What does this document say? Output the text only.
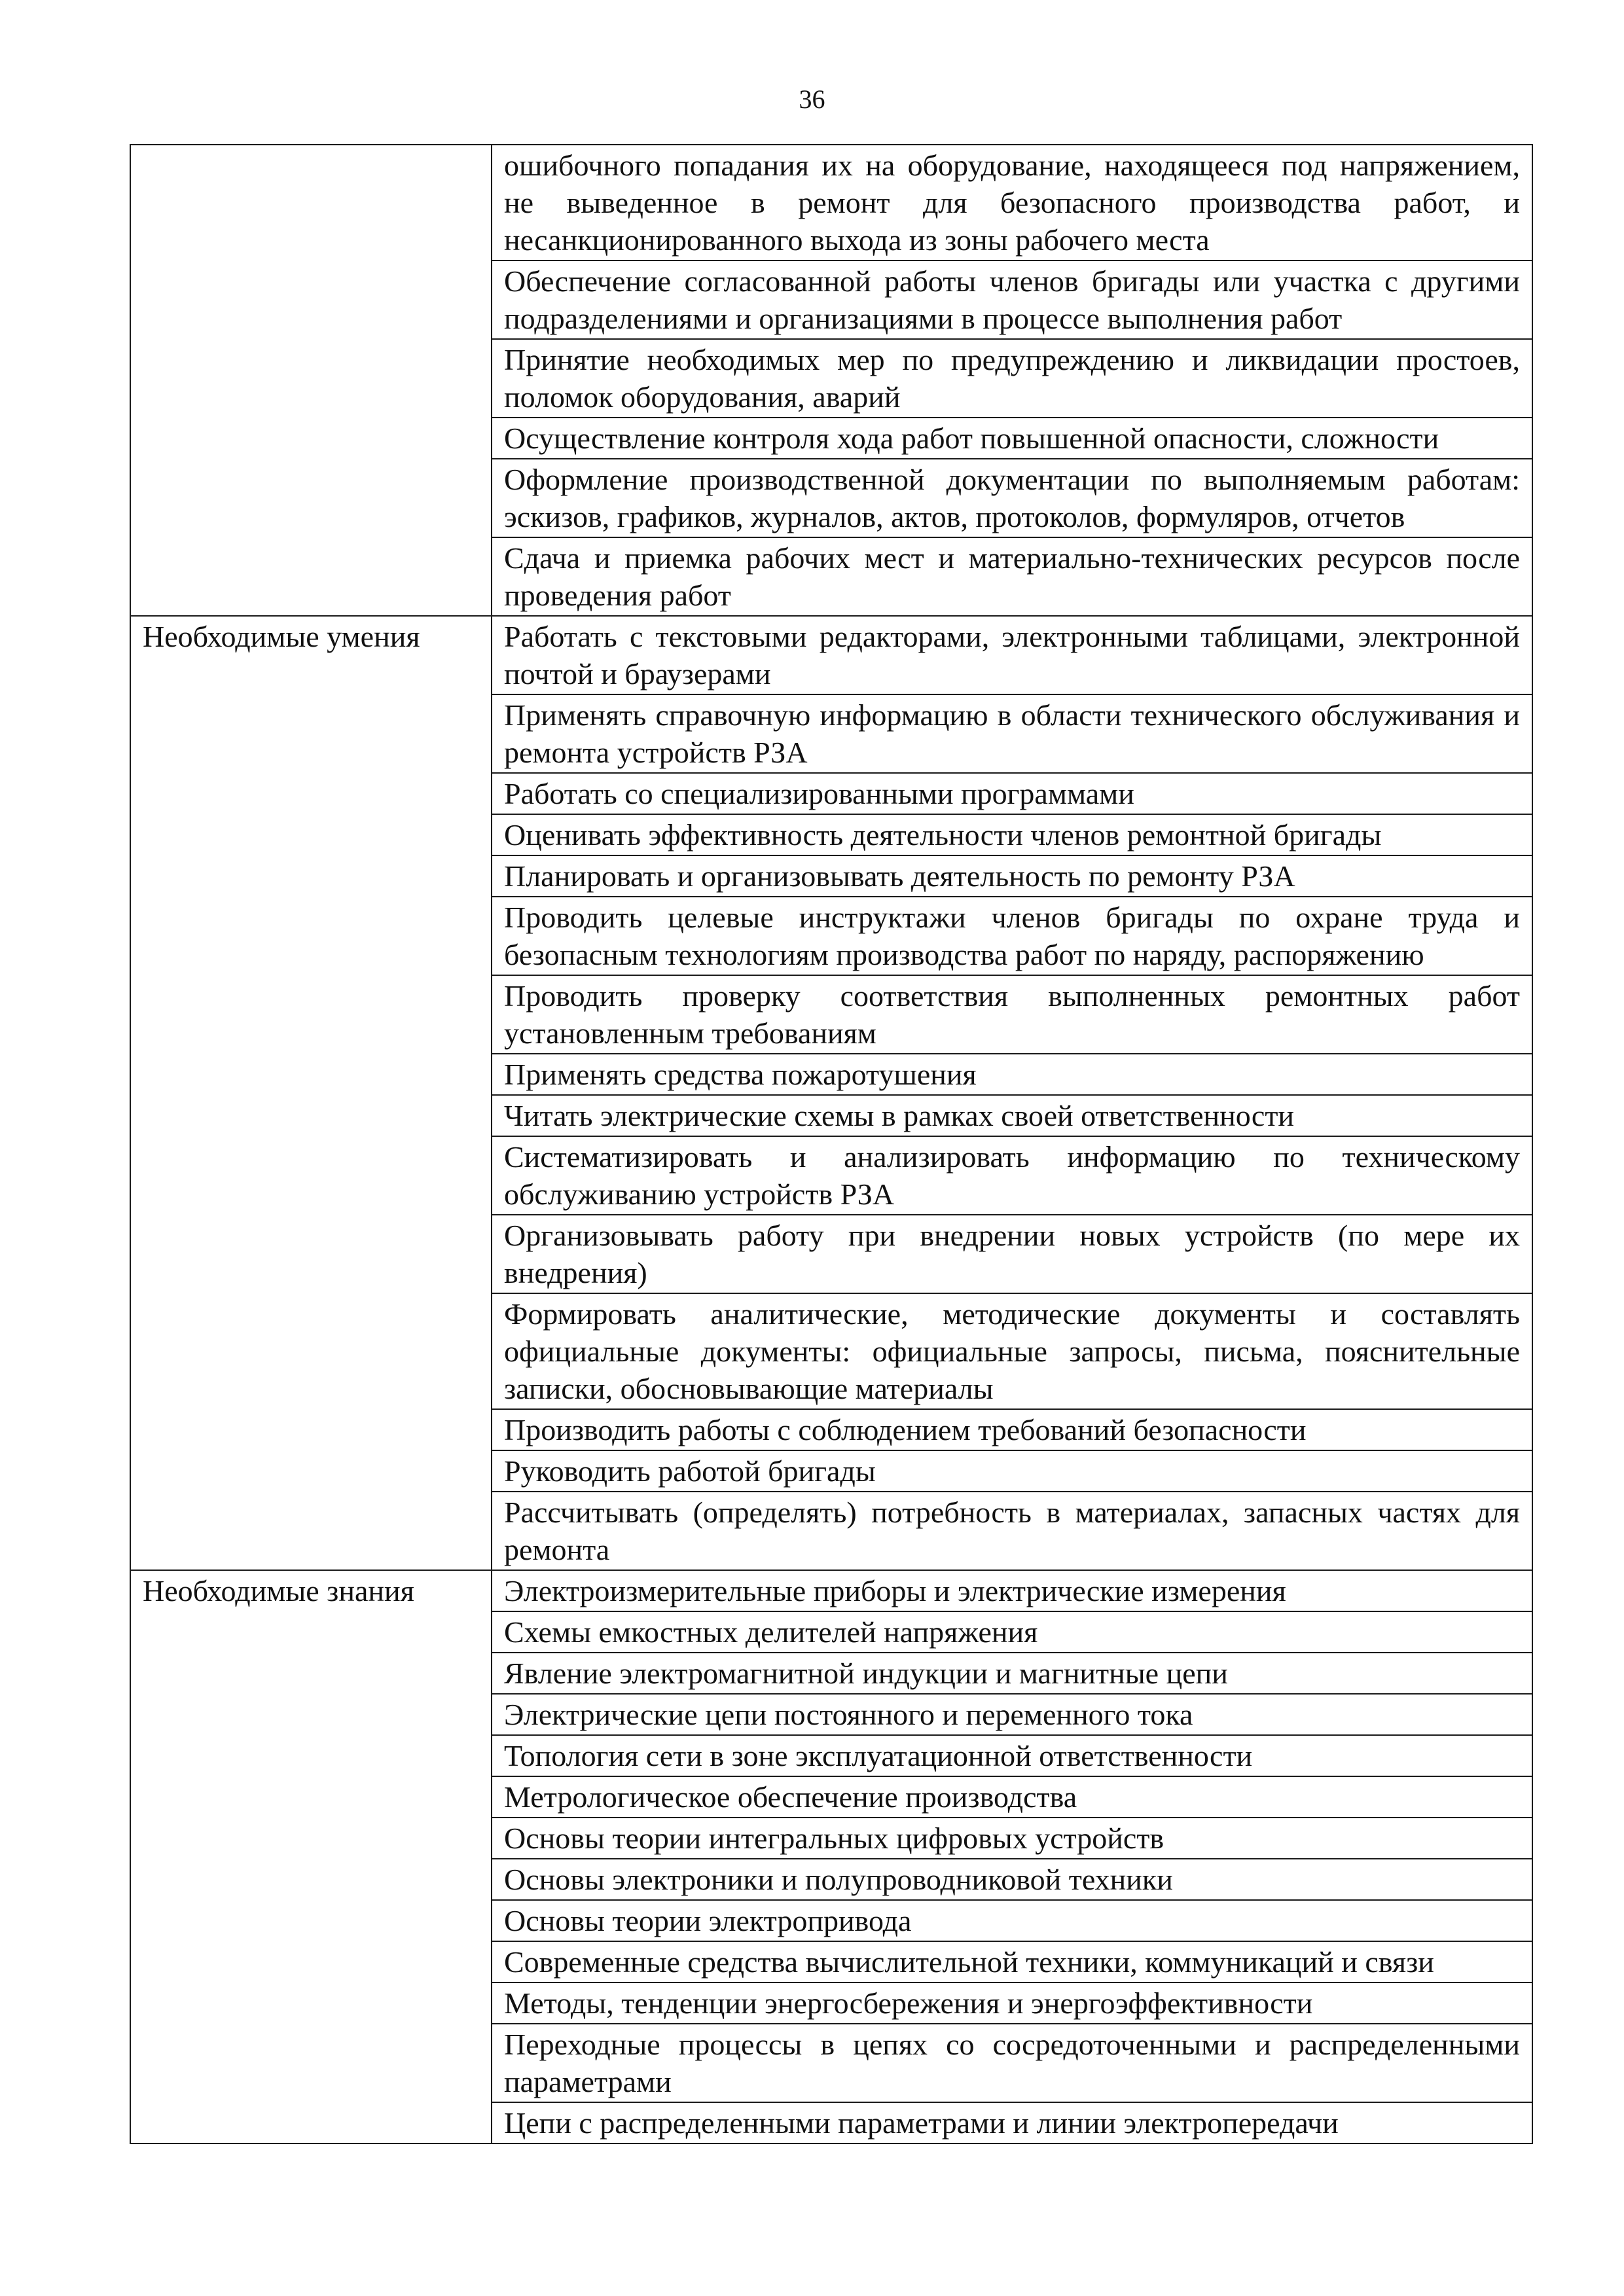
36
	ошибочного попадания их на оборудование, находящееся под напряжением, не выведенное в ремонт для безопасного производства работ, и несанкционированного выхода из зоны рабочего места
	Обеспечение согласованной работы членов бригады или участка с другими подразделениями и организациями в процессе выполнения работ
	Принятие необходимых мер по предупреждению и ликвидации простоев, поломок оборудования, аварий
	Осуществление контроля хода работ повышенной опасности, сложности
	Оформление производственной документации по выполняемым работам: эскизов, графиков, журналов, актов, протоколов, формуляров, отчетов
	Сдача и приемка рабочих мест и материально-технических ресурсов после проведения работ
Необходимые умения	Работать с текстовыми редакторами, электронными таблицами, электронной почтой и браузерами
	Применять справочную информацию в области технического обслуживания и ремонта устройств РЗА
	Работать со специализированными программами
	Оценивать эффективность деятельности членов ремонтной бригады
	Планировать и организовывать деятельность по ремонту РЗА
	Проводить целевые инструктажи членов бригады по охране труда и безопасным технологиям производства работ по наряду, распоряжению
	Проводить проверку соответствия выполненных ремонтных работ установленным требованиям
	Применять средства пожаротушения
	Читать электрические схемы в рамках своей ответственности
	Систематизировать и анализировать информацию по техническому обслуживанию устройств РЗА
	Организовывать работу при внедрении новых устройств (по мере их внедрения)
	Формировать аналитические, методические документы и составлять официальные документы: официальные запросы, письма, пояснительные записки, обосновывающие материалы
	Производить работы с соблюдением требований безопасности
	Руководить работой бригады
	Рассчитывать (определять) потребность в материалах, запасных частях для ремонта
Необходимые знания	Электроизмерительные приборы и электрические измерения
	Схемы емкостных делителей напряжения
	Явление электромагнитной индукции и магнитные цепи
	Электрические цепи постоянного и переменного тока
	Топология сети в зоне эксплуатационной ответственности
	Метрологическое обеспечение производства
	Основы теории интегральных цифровых устройств
	Основы электроники и полупроводниковой техники
	Основы теории электропривода
	Современные средства вычислительной техники, коммуникаций и связи
	Методы, тенденции энергосбережения и энергоэффективности
	Переходные процессы в цепях со сосредоточенными и распределенными параметрами
	Цепи с распределенными параметрами и линии электропередачи
